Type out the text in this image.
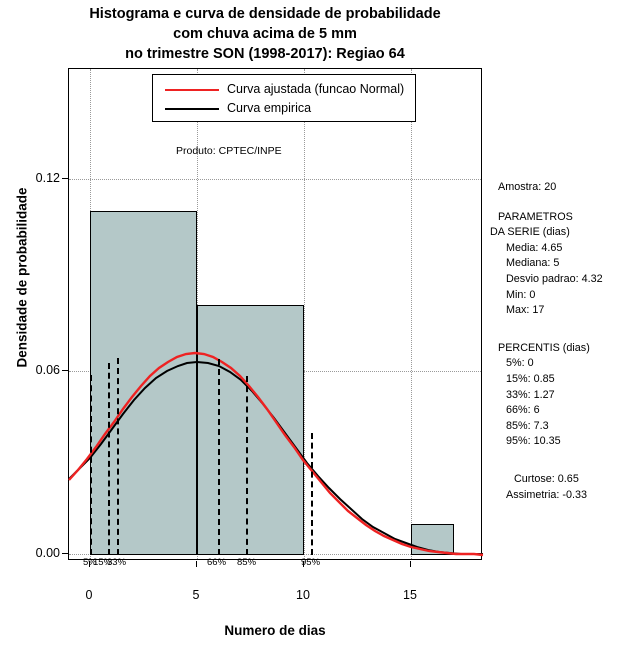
Histograma e curva de densidade de probabilidade
com chuva acima de 5 mm
no trimestre SON (1998-2017): Regiao 64
Densidade de probabilidade
0.00
0.06
0.12
0	5	10	15
Numero de dias
5%
15%
33%	66% 85%	95%
Curva ajustada (funcao Normal)
Curva empirica
Produto: CPTEC/INPE
Amostra: 20
PARAMETROS
DA SERIE (dias)
Media: 4.65
Mediana: 5
Desvio padrao: 4.32
Min: 0
Max: 17
PERCENTIS (dias)
5%: 0
15%: 0.85
33%: 1.27
66%: 6
85%: 7.3
95%: 10.35
Curtose: 0.65
Assimetria: -0.33
